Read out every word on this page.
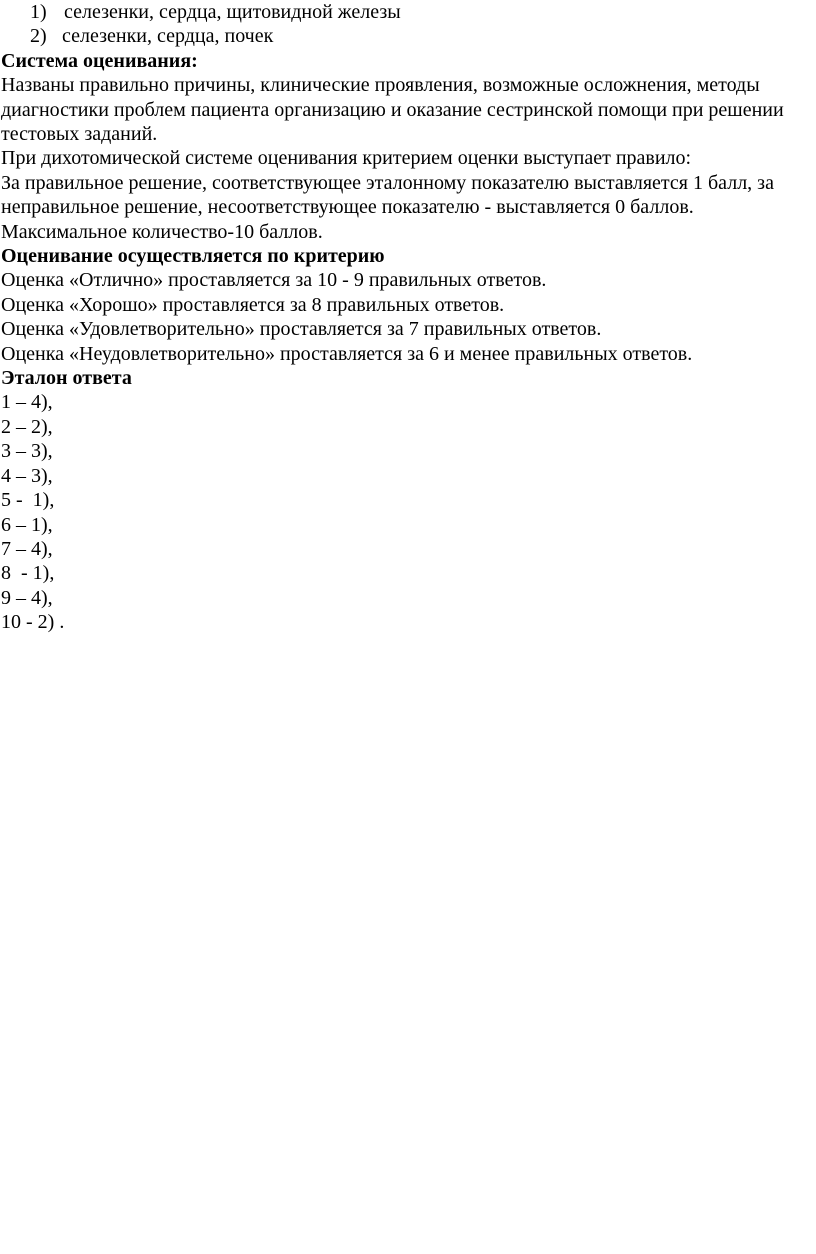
1) селезенки, сердца, щитовидной железы
2) селезенки, сердца, почек

Система оценивания:

Названы правильно причины, клинические проявления, возможные осложнения, методы диагностики проблем пациента организацию и оказание сестринской помощи при решении тестовых заданий.

При дихотомической системе оценивания критерием оценки выступает правило:

За правильное решение, соответствующее эталонному показателю выставляется 1 балл, за неправильное решение, несоответствующее показателю - выставляется 0 баллов.

Максимальное количество-10 баллов.

Оценивание осуществляется по критерию

Оценка «Отлично» проставляется за 10 - 9 правильных ответов.

Оценка «Хорошо» проставляется за 8 правильных ответов.

Оценка «Удовлетворительно» проставляется за 7 правильных ответов.

Оценка «Неудовлетворительно» проставляется за 6 и менее правильных ответов.

Эталон ответа

1 – 4),

2 – 2),

3 – 3),

4 – 3),

5 -  1),

6 – 1),

7 – 4),

8  - 1),

9 – 4),

10 - 2) .
